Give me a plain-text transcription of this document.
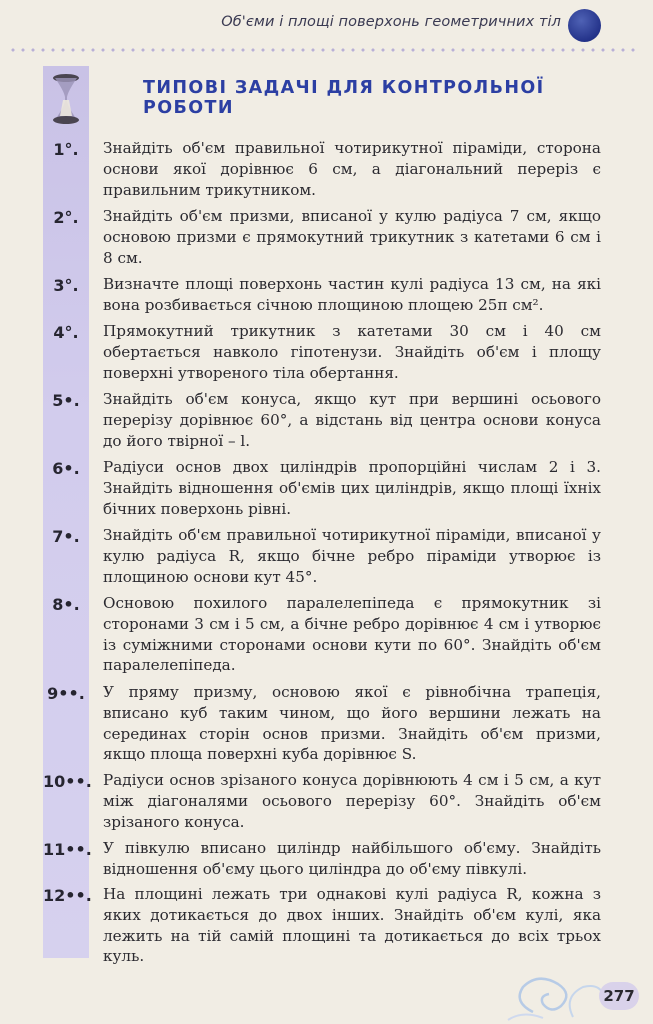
Об'єми і площі поверхонь геометричних тіл
ТИПОВІ ЗАДАЧІ ДЛЯ КОНТРОЛЬНОЇ РОБОТИ
1°.	Знайдіть об'єм правильної чотирикутної піраміди, сторона основи якої дорівнює 6 см, а діагональний переріз є правильним трикутником.
2°.	Знайдіть об'єм призми, вписаної у кулю радіуса 7 см, якщо основою призми є прямокутний трикутник з катетами 6 см і 8 см.
3°.	Визначте площі поверхонь частин кулі радіуса 13 см, на які вона розбивається січною площиною площею 25π см².
4°.	Прямокутний трикутник з катетами 30 см і 40 см обертається навколо гіпотенузи. Знайдіть об'єм і площу поверхні утвореного тіла обертання.
5•.	Знайдіть об'єм конуса, якщо кут при вершині осьового перерізу дорівнює 60°, а відстань від центра основи конуса до його твірної – l.
6•.	Радіуси основ двох циліндрів пропорційні числам 2 і 3. Знайдіть відношення об'ємів цих циліндрів, якщо площі їхніх бічних поверхонь рівні.
7•.	Знайдіть об'єм правильної чотирикутної піраміди, вписаної у кулю радіуса R, якщо бічне ребро піраміди утворює із площиною основи кут 45°.
8•.	Основою похилого паралелепіпеда є прямокутник зі сторонами 3 см і 5 см, а бічне ребро дорівнює 4 см і утворює із суміжними сторонами основи кути по 60°. Знайдіть об'єм паралелепіпеда.
9••. У пряму призму, основою якої є рівнобічна трапеція, вписано куб таким чином, що його вершини лежать на серединах сторін основ призми. Знайдіть об'єм призми, якщо площа поверхні куба дорівнює S.
10••. Радіуси основ зрізаного конуса дорівнюють 4 см і 5 см, а кут між діагоналями осьового перерізу 60°. Знайдіть об'єм зрізаного конуса.
11••. У півкулю вписано циліндр найбільшого об'єму. Знайдіть відношення об'єму цього циліндра до об'єму півкулі.
12••. На площині лежать три однакові кулі радіуса R, кожна з яких дотикається до двох інших. Знайдіть об'єм кулі, яка лежить на тій самій площині та дотикається до всіх трьох куль.
277
